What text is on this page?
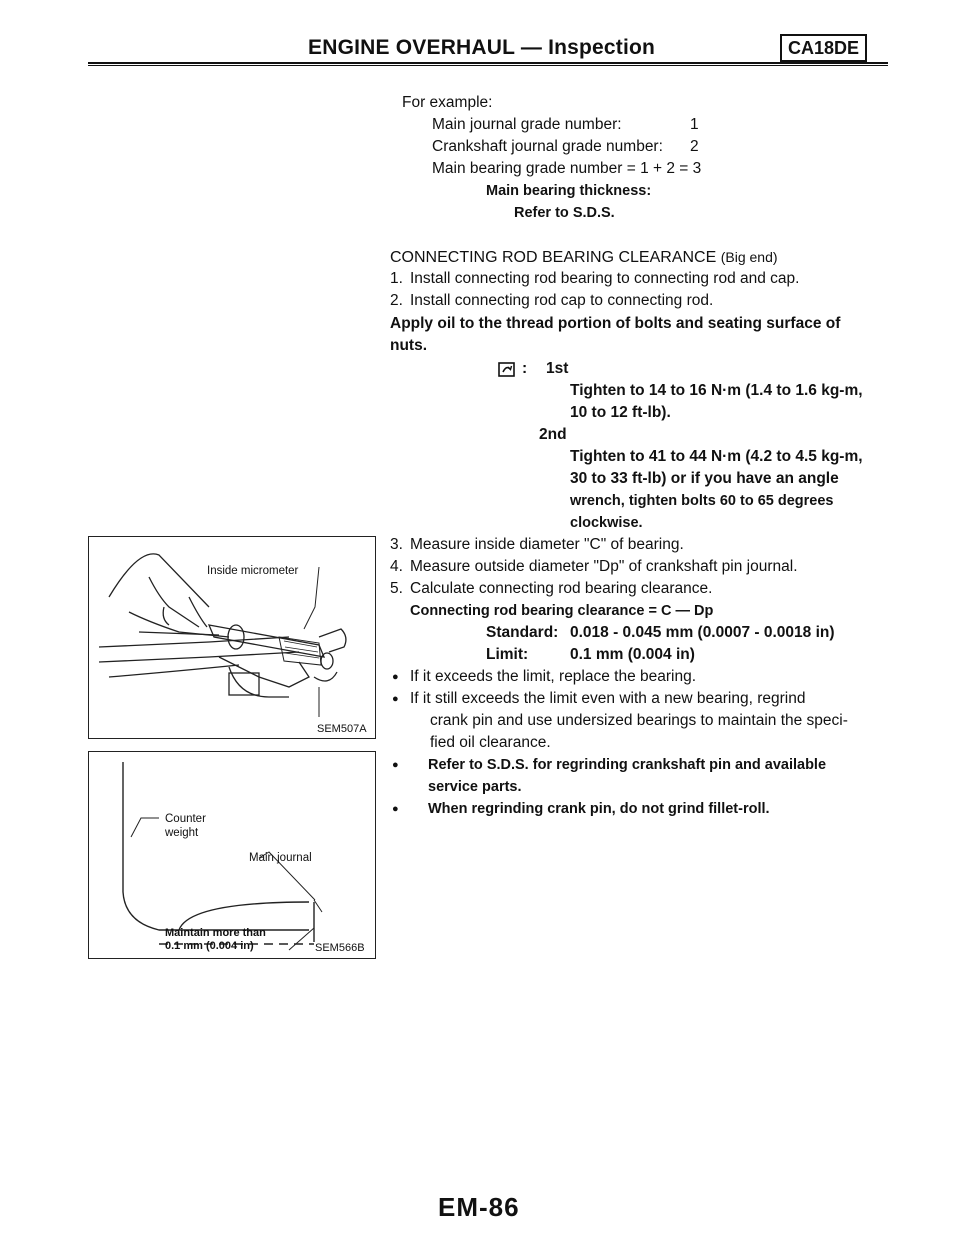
ENGINE OVERHAUL — Inspection	CA18DE
For example:
Main journal grade number:	1
Crankshaft journal grade number: 2
Main bearing grade number = 1 + 2 = 3
Main bearing thickness:
Refer to S.D.S.
CONNECTING ROD BEARING CLEARANCE (Big end)
1. Install connecting rod bearing to connecting rod and cap.
2. Install connecting rod cap to connecting rod.
Apply oil to the thread portion of bolts and seating surface of
nuts.
: 1st
Tighten to 14 to 16 N·m (1.4 to 1.6 kg-m,
10 to 12 ft-lb).
2nd
Tighten to 41 to 44 N·m (4.2 to 4.5 kg-m,
30 to 33 ft-lb) or if you have an angle
wrench, tighten bolts 60 to 65 degrees
clockwise.
3. Measure inside diameter "C" of bearing.
4. Measure outside diameter "Dp" of crankshaft pin journal.
5. Calculate connecting rod bearing clearance.
Connecting rod bearing clearance = C — Dp
Standard: 0.018 - 0.045 mm (0.0007 - 0.0018 in)
Limit:	0.1 mm (0.004 in)
● If it exceeds the limit, replace the bearing.
● If it still exceeds the limit even with a new bearing, regrind
crank pin and use undersized bearings to maintain the speci-
fied oil clearance.
● Refer to S.D.S. for regrinding crankshaft pin and available
service parts.
● When regrinding crank pin, do not grind fillet-roll.
Inside micrometer
SEM507A
Counter
weight
Main journal
Maintain more than
0.1 mm (0.004 in)	SEM566B
EM-86
